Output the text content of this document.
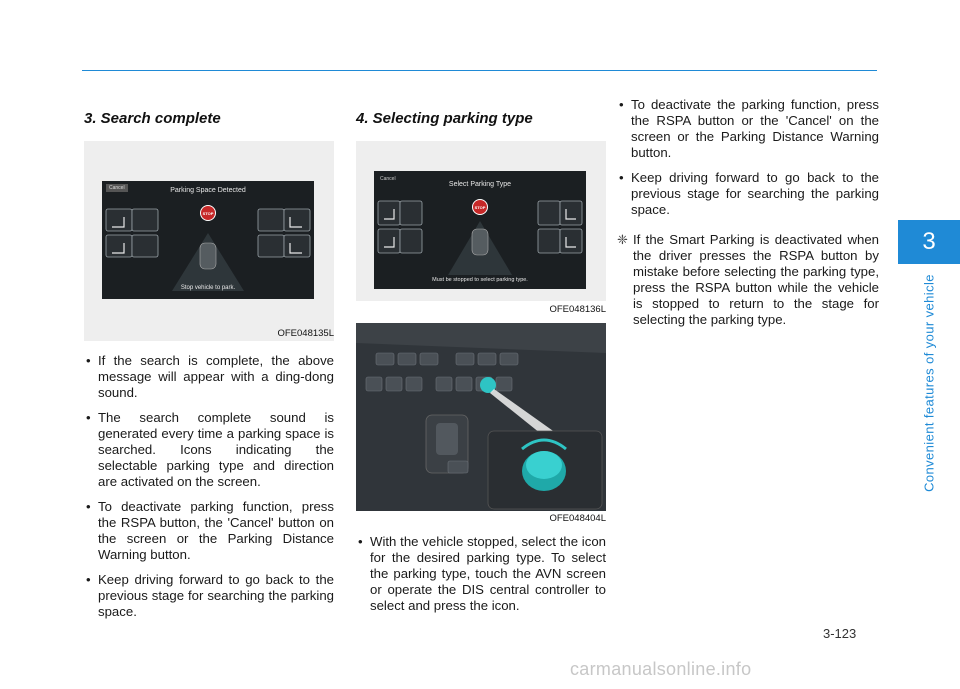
3
Convenient features of your vehicle
3. Search complete
Cancel	Parking Space Detected
STOP
Stop vehicle to park.
OFE048135L
• If the search is complete, the above message will appear with a ding-dong sound.
• The search complete sound is generated every time a parking space is searched. Icons indicating the selectable parking type and direction are activated on the screen.
• To deactivate parking function, press the RSPA button, the 'Cancel' button on the screen or the Parking Distance Warning button.
• Keep driving forward to go back to the previous stage for searching the parking space.
4. Selecting parking type
Cancel
Select Parking Type
STOP
Must be stopped to select parking type.
OFE048136L
OFE048404L
• With the vehicle stopped, select the icon for the desired parking type. To select the parking type, touch the AVN screen or operate the DIS central controller to select and press the icon.
• To deactivate the parking function, press the RSPA button or the 'Cancel' on the screen or the Parking Distance Warning button.
• Keep driving forward to go back to the previous stage for searching the parking space.
❈ If the Smart Parking is deactivated when the driver presses the RSPA button by mistake before selecting the parking type, press the RSPA button while the vehicle is stopped to return to the stage for selecting the parking type.
3-123
carmanualsonline.info
